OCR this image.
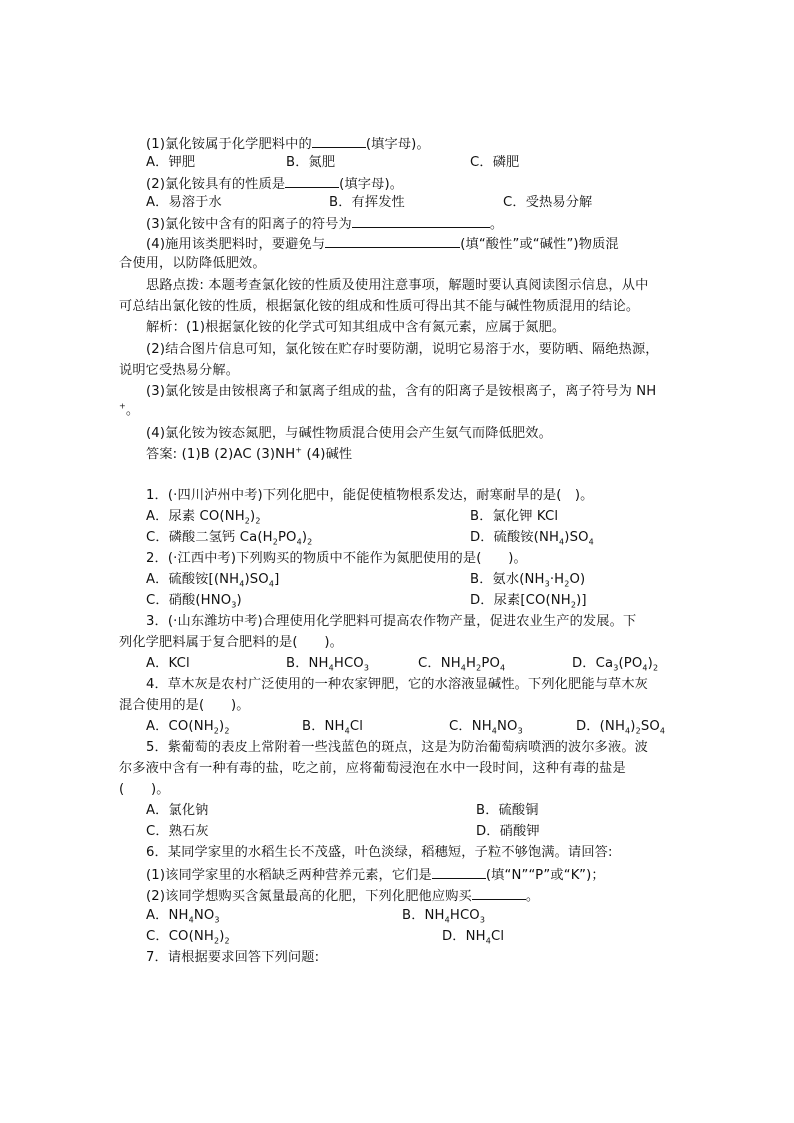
(1)氯化铵属于化学肥料中的	(填字母)。
A．钾肥	B．氮肥	C．磷肥
(2)氯化铵具有的性质是	(填字母)。
A．易溶于水	B．有挥发性	C．受热易分解
(3)氯化铵中含有的阳离子的符号为	。
(4)施用该类肥料时，要避免与	(填“酸性”或“碱性”)物质混
合使用，以防降低肥效。
思路点拨: 本题考查氯化铵的性质及使用注意事项，解题时要认真阅读图示信息，从中
可总结出氯化铵的性质，根据氯化铵的组成和性质可得出其不能与碱性物质混用的结论。
解析：(1)根据氯化铵的化学式可知其组成中含有氮元素，应属于氮肥。
(2)结合图片信息可知，氯化铵在贮存时要防潮，说明它易溶于水，要防晒、隔绝热源，
说明它受热易分解。
(3)氯化铵是由铵根离子和氯离子组成的盐，含有的阳离子是铵根离子，离子符号为 NH
+。
(4)氯化铵为铵态氮肥，与碱性物质混合使用会产生氨气而降低肥效。
答案: (1)B (2)AC (3)NH+ (4)碱性
1．(·四川泸州中考)下列化肥中，能促使植物根系发达，耐寒耐旱的是(　)。
A．尿素 $CO(NH_2)_2$	B．氯化钾 KCl
C．磷酸二氢钙 $Ca(H_2PO_4)_2$	D．硫酸铵$(NH_4)SO_4$
2．(·江西中考)下列购买的物质中不能作为氮肥使用的是(　　)。
A．硫酸铵$[(NH_4)SO_4]$	B．氨水$(NH_3\cdot H_2O)$
C．硝酸$(HNO_3)$	D．尿素$[CO(NH_2)]$
3．(·山东潍坊中考)合理使用化学肥料可提高农作物产量，促进农业生产的发展。下
列化学肥料属于复合肥料的是(　　)。
A．KCl	B．$NH_4HCO_3$	C．$NH_4H_2PO_4$	D．$Ca_3(PO_4)_2$
4．草木灰是农村广泛使用的一种农家钾肥，它的水溶液显碱性。下列化肥能与草木灰
混合使用的是(　　)。
A．$CO(NH_2)_2$	B．$NH_4Cl$	C．$NH_4NO_3$	D．$(NH_4)_2SO_4$
5．紫葡萄的表皮上常附着一些浅蓝色的斑点，这是为防治葡萄病喷洒的波尔多液。波
尔多液中含有一种有毒的盐，吃之前，应将葡萄浸泡在水中一段时间，这种有毒的盐是
(　　)。
A．氯化钠	B．硫酸铜
C．熟石灰	D．硝酸钾
6．某同学家里的水稻生长不茂盛，叶色淡绿，稻穗短，子粒不够饱满。请回答:
(1)该同学家里的水稻缺乏两种营养元素，它们是	(填“N”“P”或“K”)；
(2)该同学想购买含氮量最高的化肥，下列化肥他应购买	。
A．$NH_4NO_3$	B．$NH_4HCO_3$
C．$CO(NH_2)_2$	D．$NH_4Cl$
7．请根据要求回答下列问题:
